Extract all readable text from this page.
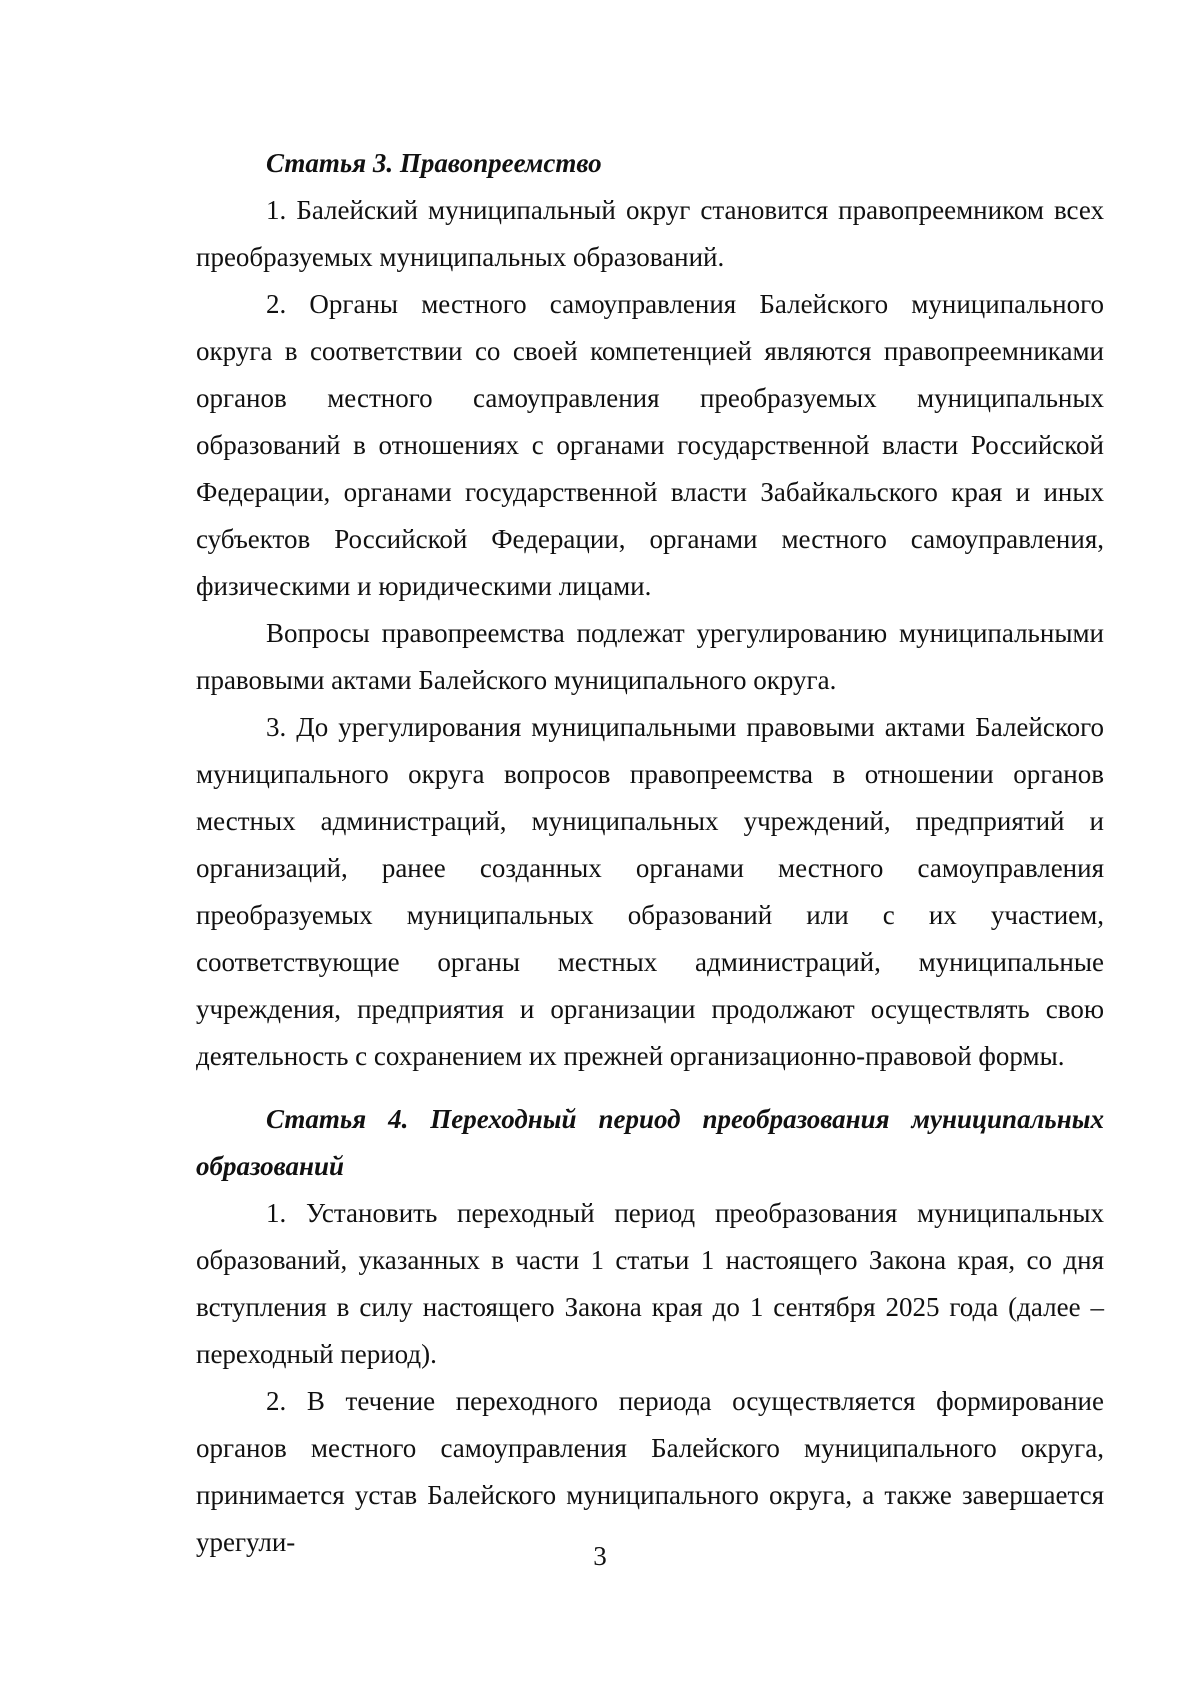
Статья 3. Правопреемство

1. Балейский муниципальный округ становится правопреемником всех преобразуемых муниципальных образований.

2. Органы местного самоуправления Балейского муниципального округа в соответствии со своей компетенцией являются правопреемниками органов местного самоуправления преобразуемых муниципальных образований в отношениях с органами государственной власти Российской Федерации, органами государственной власти Забайкальского края и иных субъектов Российской Федерации, органами местного самоуправления, физическими и юридическими лицами.

Вопросы правопреемства подлежат урегулированию муниципальными правовыми актами Балейского муниципального округа.

3. До урегулирования муниципальными правовыми актами Балейского муниципального округа вопросов правопреемства в отношении органов местных администраций, муниципальных учреждений, предприятий и организаций, ранее созданных органами местного самоуправления преобразуемых муниципальных образований или с их участием, соответствующие органы местных администраций, муниципальные учреждения, предприятия и организации продолжают осуществлять свою деятельность с сохранением их прежней организационно-правовой формы.

Статья 4. Переходный период преобразования муниципальных образований

1. Установить переходный период преобразования муниципальных образований, указанных в части 1 статьи 1 настоящего Закона края, со дня вступления в силу настоящего Закона края до 1 сентября 2025 года (далее – переходный период).

2. В течение переходного периода осуществляется формирование органов местного самоуправления Балейского муниципального округа, принимается устав Балейского муниципального округа, а также завершается урегули-	3
